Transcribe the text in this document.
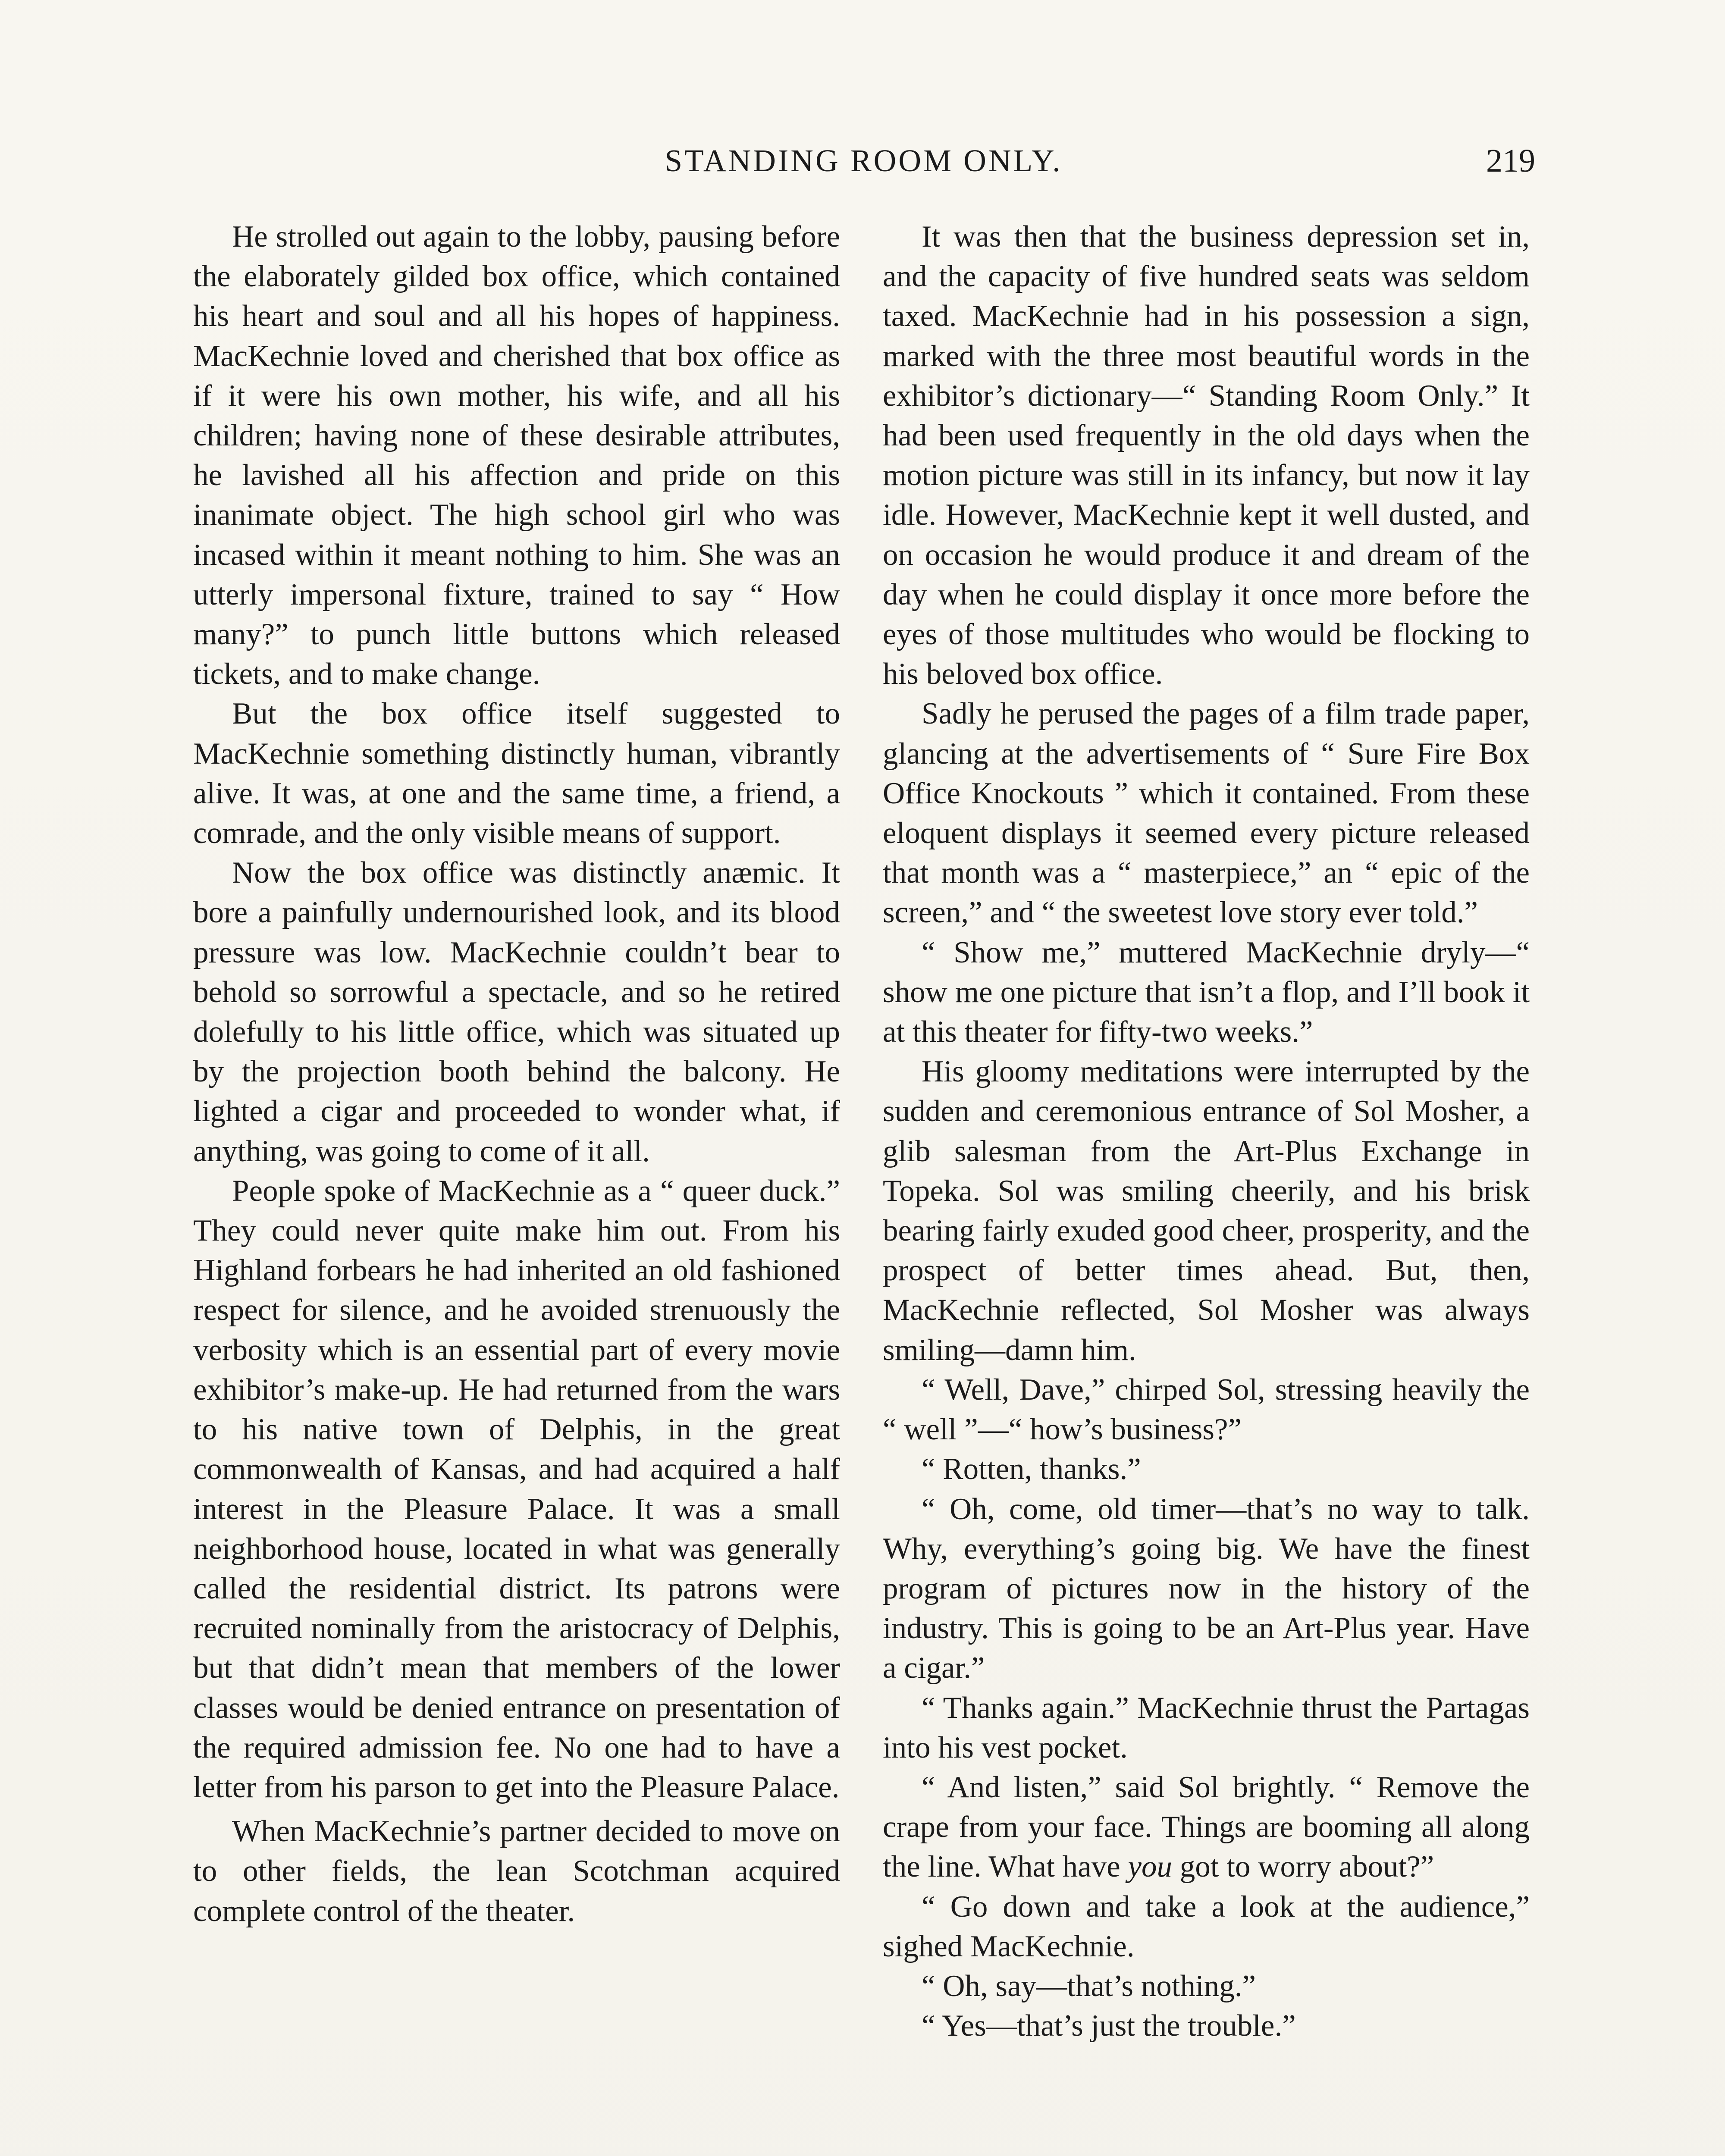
STANDING ROOM ONLY.	219

He strolled out again to the lobby, pausing before the elaborately gilded box office, which contained his heart and soul and all his hopes of happiness. MacKechnie loved and cherished that box office as if it were his own mother, his wife, and all his children; having none of these desirable attributes, he lavished all his affection and pride on this inanimate object. The high school girl who was incased within it meant nothing to him. She was an utterly impersonal fixture, trained to say “ How many?” to punch little buttons which released tickets, and to make change.

But the box office itself suggested to MacKechnie something distinctly human, vibrantly alive. It was, at one and the same time, a friend, a comrade, and the only visible means of support.

Now the box office was distinctly anæmic. It bore a painfully undernourished look, and its blood pressure was low. MacKechnie couldn’t bear to behold so sorrowful a spectacle, and so he retired dolefully to his little office, which was situated up by the projection booth behind the balcony. He lighted a cigar and proceeded to wonder what, if anything, was going to come of it all.

People spoke of MacKechnie as a “ queer duck.” They could never quite make him out. From his Highland forbears he had inherited an old fashioned respect for silence, and he avoided strenuously the verbosity which is an essential part of every movie exhibitor’s make-up. He had returned from the wars to his native town of Delphis, in the great commonwealth of Kansas, and had acquired a half interest in the Pleasure Palace. It was a small neighborhood house, located in what was generally called the residential district. Its patrons were recruited nominally from the aristocracy of Delphis, but that didn’t mean that members of the lower classes would be denied entrance on presentation of the required admission fee. No one had to have a letter from his parson to get into the Pleasure Palace.

When MacKechnie’s partner decided to move on to other fields, the lean Scotchman acquired complete control of the theater.

It was then that the business depression set in, and the capacity of five hundred seats was seldom taxed. MacKechnie had in his possession a sign, marked with the three most beautiful words in the exhibitor’s dictionary—“ Standing Room Only.” It had been used frequently in the old days when the motion picture was still in its infancy, but now it lay idle. However, MacKechnie kept it well dusted, and on occasion he would produce it and dream of the day when he could display it once more before the eyes of those multitudes who would be flocking to his beloved box office.

Sadly he perused the pages of a film trade paper, glancing at the advertisements of “ Sure Fire Box Office Knockouts ” which it contained. From these eloquent displays it seemed every picture released that month was a “ masterpiece,” an “ epic of the screen,” and “ the sweetest love story ever told.”

“ Show me,” muttered MacKechnie dryly—“ show me one picture that isn’t a flop, and I’ll book it at this theater for fifty-two weeks.”

His gloomy meditations were interrupted by the sudden and ceremonious entrance of Sol Mosher, a glib salesman from the Art-Plus Exchange in Topeka. Sol was smiling cheerily, and his brisk bearing fairly exuded good cheer, prosperity, and the prospect of better times ahead. But, then, MacKechnie reflected, Sol Mosher was always smiling—damn him.

“ Well, Dave,” chirped Sol, stressing heavily the “ well ”—“ how’s business?”

“ Rotten, thanks.”

“ Oh, come, old timer—that’s no way to talk. Why, everything’s going big. We have the finest program of pictures now in the history of the industry. This is going to be an Art-Plus year. Have a cigar.”

“ Thanks again.” MacKechnie thrust the Partagas into his vest pocket.

“ And listen,” said Sol brightly. “ Remove the crape from your face. Things are booming all along the line. What have you got to worry about?”

“ Go down and take a look at the audience,” sighed MacKechnie.

“ Oh, say—that’s nothing.”

“ Yes—that’s just the trouble.”
